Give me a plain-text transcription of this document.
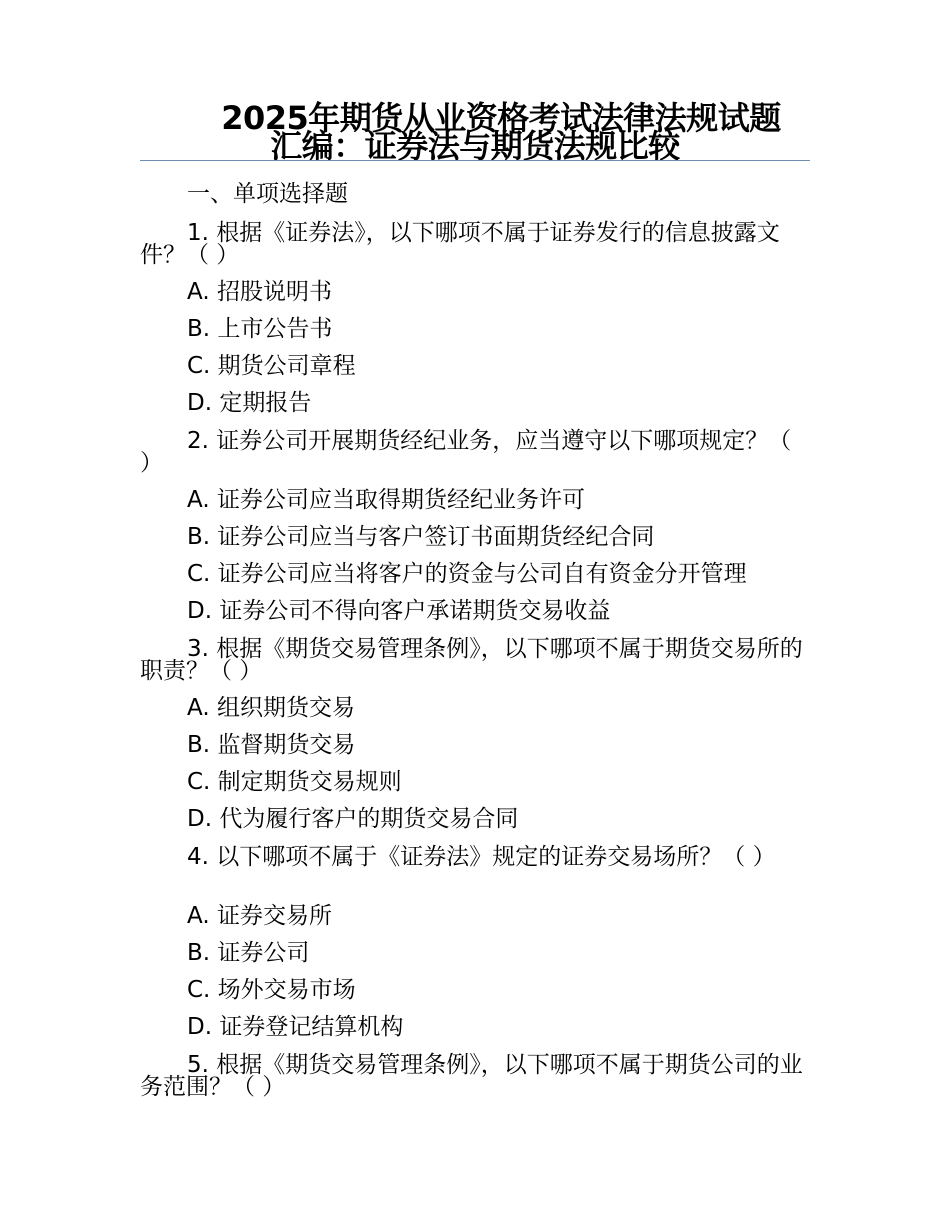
2025年期货从业资格考试法律法规试题
汇编：证券法与期货法规比较
一、单项选择题
1. 根据《证券法》，以下哪项不属于证券发行的信息披露文件？（ ）
A. 招股说明书
B. 上市公告书
C. 期货公司章程
D. 定期报告
2. 证券公司开展期货经纪业务，应当遵守以下哪项规定？（ ）
A. 证券公司应当取得期货经纪业务许可
B. 证券公司应当与客户签订书面期货经纪合同
C. 证券公司应当将客户的资金与公司自有资金分开管理
D. 证券公司不得向客户承诺期货交易收益
3. 根据《期货交易管理条例》，以下哪项不属于期货交易所的职责？（ ）
A. 组织期货交易
B. 监督期货交易
C. 制定期货交易规则
D. 代为履行客户的期货交易合同
4. 以下哪项不属于《证券法》规定的证券交易场所？（ ）
A. 证券交易所
B. 证券公司
C. 场外交易市场
D. 证券登记结算机构
5. 根据《期货交易管理条例》，以下哪项不属于期货公司的业务范围？（ ）
